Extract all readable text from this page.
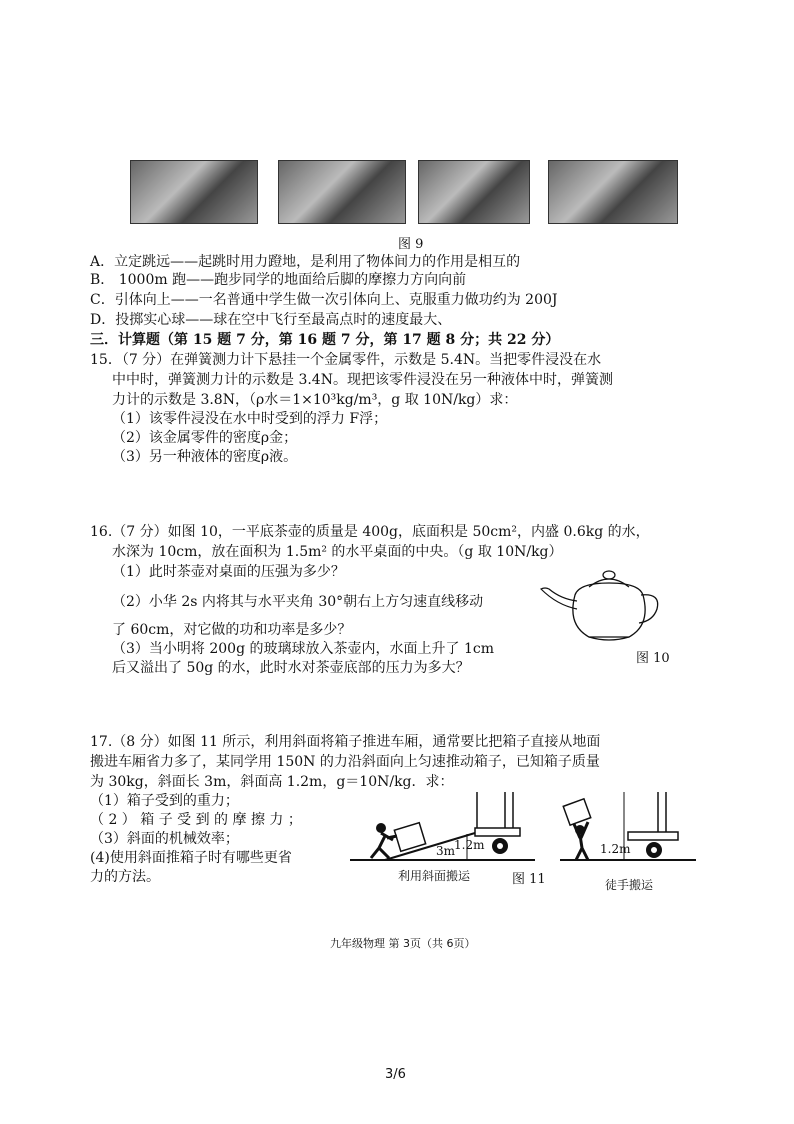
图 9
A．立定跳远——起跳时用力蹬地，是利用了物体间力的作用是相互的
B． 1000m 跑——跑步同学的地面给后脚的摩擦力方向向前
C．引体向上——一名普通中学生做一次引体向上、克服重力做功约为 200J
D．投掷实心球——球在空中飞行至最高点时的速度最大、
三．计算题（第 15 题 7 分，第 16 题 7 分，第 17 题 8 分；共 22 分）
15．（7 分）在弹簧测力计下悬挂一个金属零件，示数是 5.4N。当把零件浸没在水
中中时，弹簧测力计的示数是 3.4N。现把该零件浸没在另一种液体中时，弹簧测
力计的示数是 3.8N，（ρ水＝1×10³kg/m³，g 取 10N/kg）求：
（1）该零件浸没在水中时受到的浮力 F浮；
（2）该金属零件的密度ρ金；
（3）另一种液体的密度ρ液。
16.（7 分）如图 10，一平底茶壶的质量是 400g，底面积是 50cm²，内盛 0.6kg 的水，
水深为 10cm，放在面积为 1.5m² 的水平桌面的中央。（g 取 10N/kg）
（1）此时茶壶对桌面的压强为多少？
（2）小华 2s 内将其与水平夹角 30°朝右上方匀速直线移动
了 60cm，对它做的功和功率是多少？
（3）当小明将 200g 的玻璃球放入茶壶内，水面上升了 1cm
后又溢出了 50g 的水，此时水对茶壶底部的压力为多大？
图 10
17.（8 分）如图 11 所示，利用斜面将箱子推进车厢，通常要比把箱子直接从地面
搬进车厢省力多了，某同学用 150N 的力沿斜面向上匀速推动箱子，已知箱子质量
为 30kg，斜面长 3m，斜面高 1.2m，g＝10N/kg．求：
（1）箱子受到的重力；
（ 2 ） 箱 子 受 到 的 摩 擦 力 ；
（3）斜面的机械效率；
(4)使用斜面推箱子时有哪些更省
力的方法。
3m
1.2m
利用斜面搬运	图 11
1.2m
徒手搬运
九年级物理 第 3页（共 6页）
3/6
